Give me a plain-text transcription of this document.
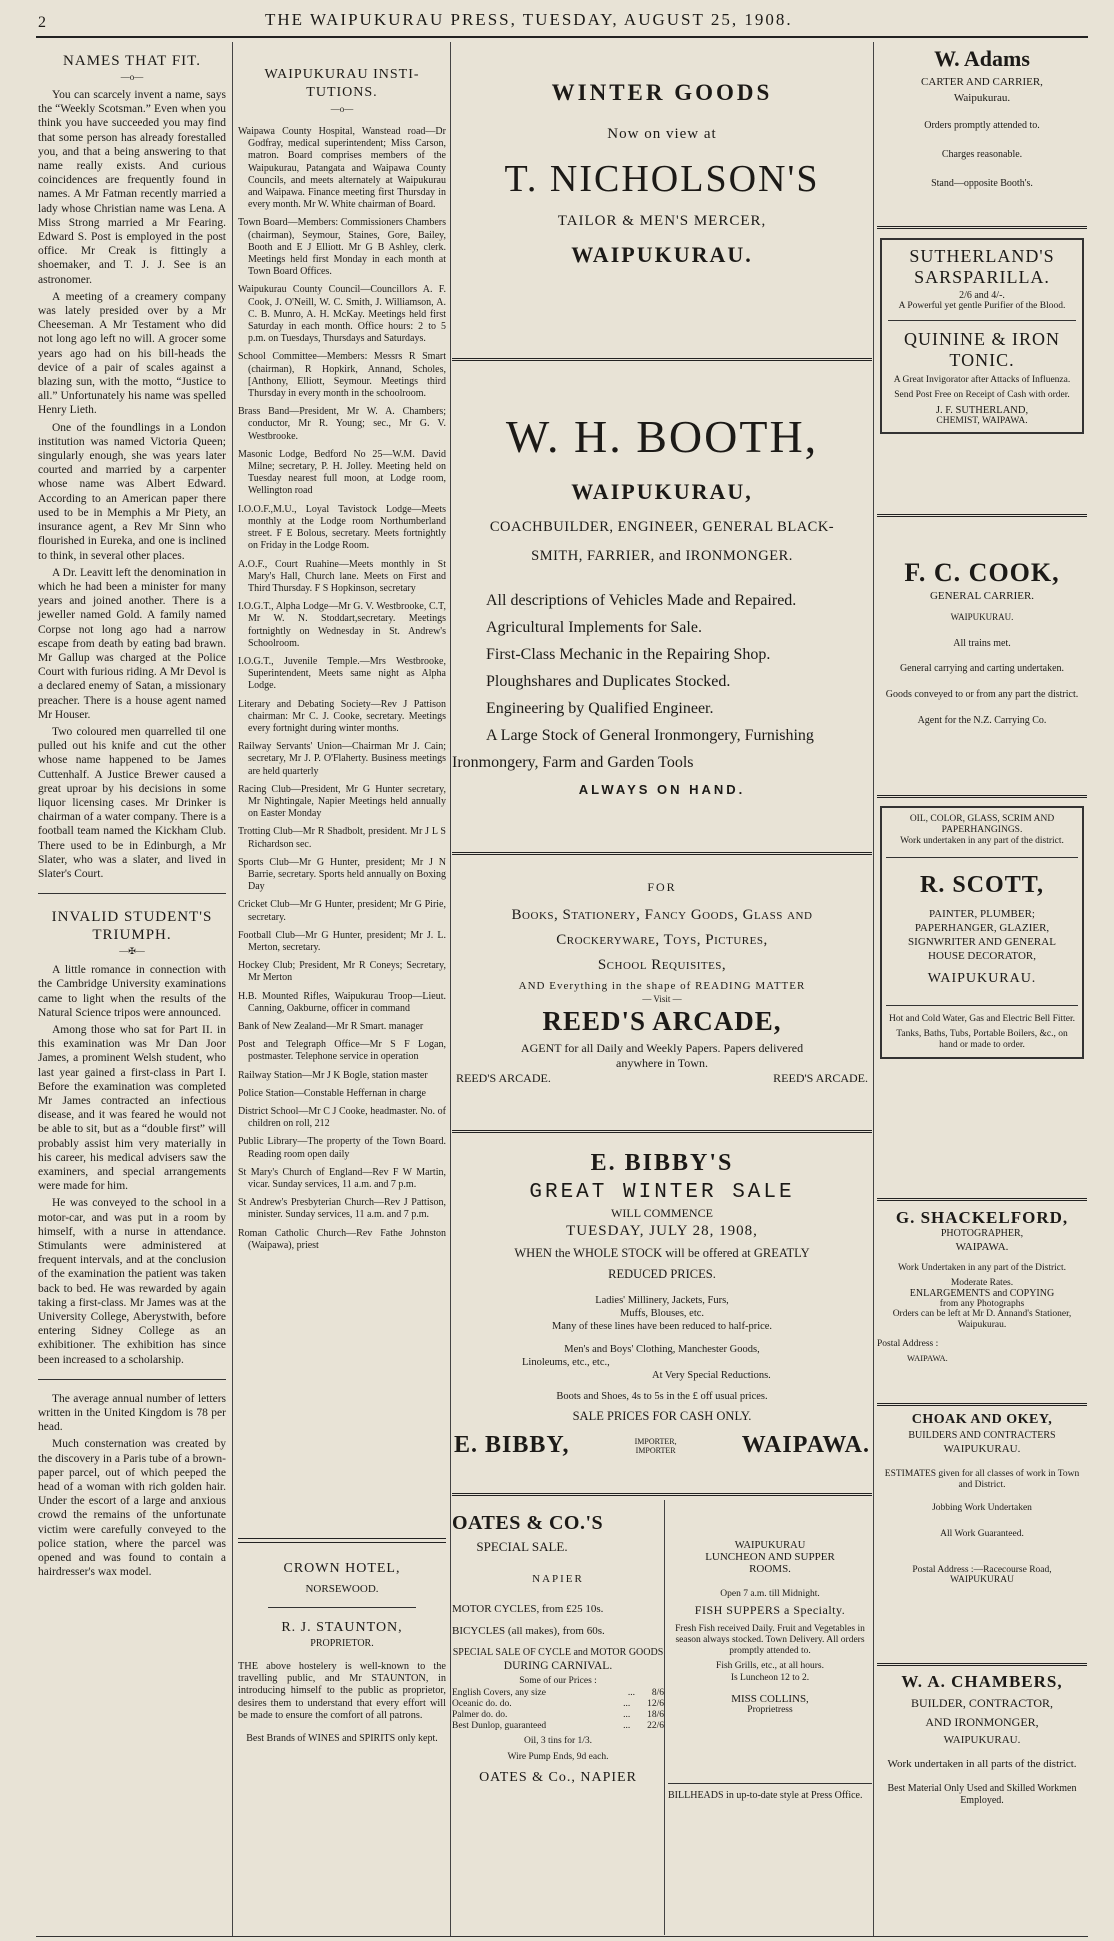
2	THE WAIPUKURAU PRESS, TUESDAY, AUGUST 25, 1908.
NAMES THAT FIT.
—o—

You can scarcely invent a name, says the “Weekly Scotsman.” Even when you think you have succeeded you may find that some person has already forestalled you, and that a being answering to that name really exists. And curious coincidences are frequently found in names. A Mr Fatman recently married a lady whose Christian name was Lena. A Miss Strong married a Mr Fearing. Edward S. Post is employed in the post office. Mr Creak is fittingly a shoemaker, and T. J. J. See is an astronomer.

A meeting of a creamery company was lately presided over by a Mr Cheeseman. A Mr Testament who did not long ago left no will. A grocer some years ago had on his bill-heads the device of a pair of scales against a blazing sun, with the motto, “Justice to all.” Unfortunately his name was spelled Henry Lieth.

One of the foundlings in a London institution was named Victoria Queen; singularly enough, she was years later courted and married by a carpenter whose name was Albert Edward. According to an American paper there used to be in Memphis a Mr Piety, an insurance agent, a Rev Mr Sinn who flourished in Eureka, and one is inclined to think, in several other places.

A Dr. Leavitt left the denomination in which he had been a minister for many years and joined another. There is a jeweller named Gold. A family named Corpse not long ago had a narrow escape from death by eating bad brawn. Mr Gallup was charged at the Police Court with furious riding. A Mr Devol is a declared enemy of Satan, a missionary preacher. There is a house agent named Mr Houser.

Two coloured men quarrelled til one pulled out his knife and cut the other whose name happened to be James Cuttenhalf. A Justice Brewer caused a great uproar by his decisions in some liquor licensing cases. Mr Drinker is chairman of a water company. There is a football team named the Kickham Club. There used to be in Edinburgh, a Mr Slater, who was a slater, and lived in Slater's Court.

INVALID STUDENT'S
TRIUMPH.
—✠—

A little romance in connection with the Cambridge University examinations came to light when the results of the Natural Science tripos were announced.

Among those who sat for Part II. in this examination was Mr Dan Joor James, a prominent Welsh student, who last year gained a first-class in Part I. Before the examination was completed Mr James contracted an infectious disease, and it was feared he would not be able to sit, but as a “double first” will probably assist him very materially in his career, his medical advisers saw the examiners, and special arrangements were made for him.

He was conveyed to the school in a motor-car, and was put in a room by himself, with a nurse in attendance. Stimulants were administered at frequent intervals, and at the conclusion of the examination the patient was taken back to bed. He was rewarded by again taking a first-class. Mr James was at the University College, Aberystwith, before entering Sidney College as an exhibitioner. The exhibition has since been increased to a scholarship.

The average annual number of letters written in the United Kingdom is 78 per head.

Much consternation was created by the discovery in a Paris tube of a brown-paper parcel, out of which peeped the head of a woman with rich golden hair. Under the escort of a large and anxious crowd the remains of the unfortunate victim were carefully conveyed to the police station, where the parcel was opened and was found to contain a hairdresser's wax model.

WAIPUKURAU INSTI-
TUTIONS.
—o—

Waipawa County Hospital, Wanstead road—Dr Godfray, medical superintendent; Miss Carson, matron. Board comprises members of the Waipukurau, Patangata and Waipawa County Councils, and meets alternately at Waipukurau and Waipawa. Finance meeting first Thursday in every month. Mr W. White chairman of Board.

Town Board—Members: Commissioners Chambers (chairman), Seymour, Staines, Gore, Bailey, Booth and E J Elliott. Mr G B Ashley, clerk. Meetings held first Monday in each month at Town Board Offices.

Waipukurau County Council—Councillors A. F. Cook, J. O'Neill, W. C. Smith, J. Williamson, A. C. B. Munro, A. H. McKay. Meetings held first Saturday in each month. Office hours: 2 to 5 p.m. on Tuesdays, Thursdays and Saturdays.

School Committee—Members: Messrs R Smart (chairman), R Hopkirk, Annand, Scholes, [Anthony, Elliott, Seymour. Meetings third Thursday in every month in the schoolroom.

Brass Band—President, Mr W. A. Chambers; conductor, Mr R. Young; sec., Mr G. V. Westbrooke.

Masonic Lodge, Bedford No 25—W.M. David Milne; secretary, P. H. Jolley. Meeting held on Tuesday nearest full moon, at Lodge room, Wellington road

I.O.O.F.,M.U., Loyal Tavistock Lodge—Meets monthly at the Lodge room Northumberland street. F E Bolous, secretary. Meets fortnightly on Friday in the Lodge Room.

A.O.F., Court Ruahine—Meets monthly in St Mary's Hall, Church lane. Meets on First and Third Thursday. F S Hopkinson, secretary

I.O.G.T., Alpha Lodge—Mr G. V. Westbrooke, C.T, Mr W. N. Stoddart,secretary. Meetings fortnightly on Wednesday in St. Andrew's Schoolroom.

I.O.G.T., Juvenile Temple.—Mrs Westbrooke, Superintendent, Meets same night as Alpha Lodge.

Literary and Debating Society—Rev J Pattison chairman: Mr C. J. Cooke, secretary. Meetings every fortnight during winter months.

Railway Servants' Union—Chairman Mr J. Cain; secretary, Mr J. P. O'Flaherty. Business meetings are held quarterly

Racing Club—President, Mr G Hunter secretary, Mr Nightingale, Napier Meetings held annually on Easter Monday

Trotting Club—Mr R Shadbolt, president. Mr J L S Richardson sec.

Sports Club—Mr G Hunter, president; Mr J N Barrie, secretary. Sports held annually on Boxing Day

Cricket Club—Mr G Hunter, president; Mr G Pirie, secretary.

Football Club—Mr G Hunter, president; Mr J. L. Merton, secretary.

Hockey Club; President, Mr R Coneys; Secretary, Mr Merton

H.B. Mounted Rifles, Waipukurau Troop—Lieut. Canning, Oakburne, officer in command

Bank of New Zealand—Mr R Smart. manager

Post and Telegraph Office—Mr S F Logan, postmaster. Telephone service in operation

Railway Station—Mr J K Bogle, station master

Police Station—Constable Heffernan in charge

District School—Mr C J Cooke, headmaster. No. of children on roll, 212

Public Library—The property of the Town Board. Reading room open daily

St Mary's Church of England—Rev F W Martin, vicar. Sunday services, 11 a.m. and 7 p.m.

St Andrew's Presbyterian Church—Rev J Pattison, minister. Sunday services, 11 a.m. and 7 p.m.

Roman Catholic Church—Rev Fathe Johnston (Waipawa), priest

CROWN HOTEL,
NORSEWOOD.
R. J. STAUNTON,
PROPRIETOR.

THE above hostelery is well-known to the travelling public, and Mr STAUNTON, in introducing himself to the public as proprietor, desires them to understand that every effort will be made to ensure the comfort of all patrons.

Best Brands of WINES and SPIRITS only kept.
WINTER GOODS
Now on view at
T. NICHOLSON'S
TAILOR & MEN'S MERCER,
WAIPUKURAU.
W. H. BOOTH,
WAIPUKURAU,
COACHBUILDER, ENGINEER, GENERAL BLACK-
SMITH, FARRIER, and IRONMONGER.
All descriptions of Vehicles Made and Repaired.
Agricultural Implements for Sale.
First-Class Mechanic in the Repairing Shop.
Ploughshares and Duplicates Stocked.
Engineering by Qualified Engineer.
A Large Stock of General Ironmongery, Furnishing
Ironmongery, Farm and Garden Tools
ALWAYS ON HAND.
FOR
Books, Stationery, Fancy Goods, Glass and
Crockeryware, Toys, Pictures,
School Requisites,
AND Everything in the shape of READING MATTER
— Visit —
REED'S ARCADE,
AGENT for all Daily and Weekly Papers. Papers delivered
anywhere in Town.
REED'S ARCADE.	REED'S ARCADE.
E. BIBBY'S
GREAT WINTER SALE
WILL COMMENCE
TUESDAY, JULY 28, 1908,
WHEN the WHOLE STOCK will be offered at GREATLY
REDUCED PRICES.
Ladies' Millinery, Jackets, Furs,
Muffs, Blouses, etc.
Many of these lines have been reduced to half-price.
Men's and Boys' Clothing, Manchester Goods,
Linoleums, etc., etc.,
At Very Special Reductions.
Boots and Shoes, 4s to 5s in the £ off usual prices.
SALE PRICES FOR CASH ONLY.
E. BIBBY,	IMPORTER,
IMPORTER	WAIPAWA.
OATES & CO.'S
SPECIAL SALE.
NAPIER
MOTOR CYCLES, from £25 10s.
BICYCLES (all makes), from 60s.
SPECIAL SALE OF CYCLE and MOTOR GOODS
DURING CARNIVAL.
Some of our Prices :
English Covers, any size	...	8/6
Oceanic do. do.	...	12/6
Palmer do. do.	...	18/6
Best Dunlop, guaranteed	...	22/6
Oil, 3 tins for 1/3.
Wire Pump Ends, 9d each.
OATES & Co., NAPIER
WAIPUKURAU
LUNCHEON AND SUPPER
ROOMS.
Open 7 a.m. till Midnight.
FISH SUPPERS a Specialty.
Fresh Fish received Daily. Fruit and Vegetables in season always stocked. Town Delivery. All orders promptly attended to.
Fish Grills, etc., at all hours.
Is Luncheon 12 to 2.
MISS COLLINS,
Proprietress
BILLHEADS in up-to-date style at Press Office.
W. Adams
CARTER AND CARRIER,
Waipukurau.
Orders promptly attended to.
Charges reasonable.
Stand—opposite Booth's.
SUTHERLAND'S
SARSPARILLA.
2/6 and 4/-.
A Powerful yet gentle Purifier of the Blood.
QUININE & IRON
TONIC.
A Great Invigorator after Attacks of Influenza.
Send Post Free on Receipt of Cash with order.
J. F. SUTHERLAND,
CHEMIST, WAIPAWA.
F. C. COOK,
GENERAL CARRIER.
WAIPUKURAU.
All trains met.
General carrying and carting undertaken.
Goods conveyed to or from any part the district.
Agent for the N.Z. Carrying Co.
OIL, COLOR, GLASS, SCRIM AND PAPERHANGINGS.
Work undertaken in any part of the district.
R. SCOTT,
PAINTER, PLUMBER; PAPERHANGER, GLAZIER, SIGNWRITER AND GENERAL HOUSE DECORATOR,
WAIPUKURAU.
Hot and Cold Water, Gas and Electric Bell Fitter.
Tanks, Baths, Tubs, Portable Boilers, &c., on hand or made to order.
G. SHACKELFORD,
PHOTOGRAPHER,
WAIPAWA.
Work Undertaken in any part of the District.
Moderate Rates.
ENLARGEMENTS and COPYING
from any Photographs
Orders can be left at Mr D. Annand's Stationer, Waipukurau.
Postal Address :
WAIPAWA.
CHOAK AND OKEY,
BUILDERS AND CONTRACTERS
WAIPUKURAU.
ESTIMATES given for all classes of work in Town and District.
Jobbing Work Undertaken
All Work Guaranteed.
Postal Address :—Racecourse Road,
WAIPUKURAU
W. A. CHAMBERS,
BUILDER, CONTRACTOR,
AND IRONMONGER,
WAIPUKURAU.
Work undertaken in all parts of the district.
Best Material Only Used and Skilled Workmen Employed.
